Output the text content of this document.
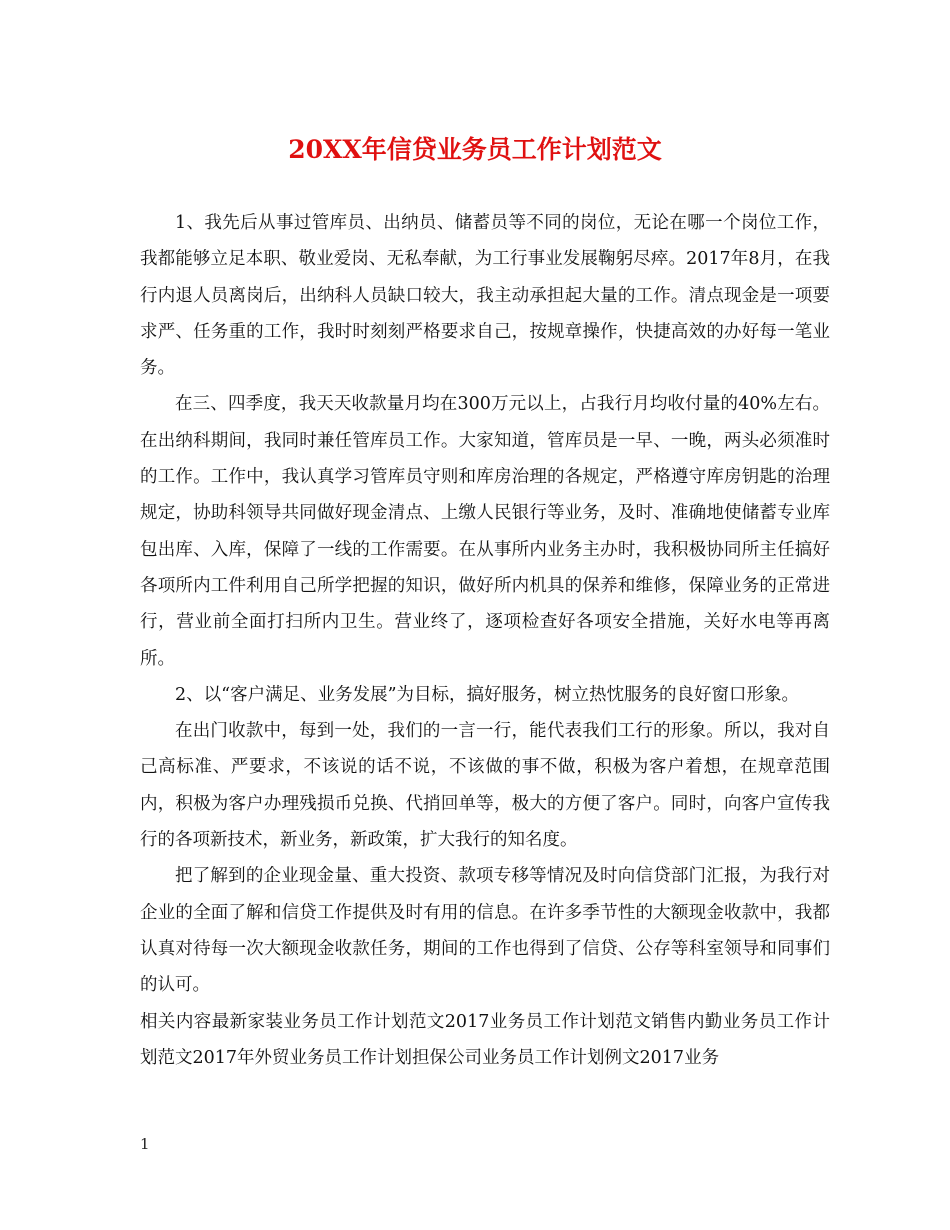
20XX年信贷业务员工作计划范文

1、我先后从事过管库员、出纳员、储蓄员等不同的岗位，无论在哪一个岗位工作，我都能够立足本职、敬业爱岗、无私奉献，为工行事业发展鞠躬尽瘁。2017年8月，在我行内退人员离岗后，出纳科人员缺口较大，我主动承担起大量的工作。清点现金是一项要求严、任务重的工作，我时时刻刻严格要求自己，按规章操作，快捷高效的办好每一笔业务。

在三、四季度，我天天收款量月均在300万元以上，占我行月均收付量的40%左右。在出纳科期间，我同时兼任管库员工作。大家知道，管库员是一早、一晚，两头必须准时的工作。工作中，我认真学习管库员守则和库房治理的各规定，严格遵守库房钥匙的治理规定，协助科领导共同做好现金清点、上缴人民银行等业务，及时、准确地使储蓄专业库包出库、入库，保障了一线的工作需要。在从事所内业务主办时，我积极协同所主任搞好各项所内工件利用自己所学把握的知识，做好所内机具的保养和维修，保障业务的正常进行，营业前全面打扫所内卫生。营业终了，逐项检查好各项安全措施，关好水电等再离所。

2、以“客户满足、业务发展”为目标，搞好服务，树立热忱服务的良好窗口形象。

在出门收款中，每到一处，我们的一言一行，能代表我们工行的形象。所以，我对自己高标准、严要求，不该说的话不说，不该做的事不做，积极为客户着想，在规章范围内，积极为客户办理残损币兑换、代捎回单等，极大的方便了客户。同时，向客户宣传我行的各项新技术，新业务，新政策，扩大我行的知名度。

把了解到的企业现金量、重大投资、款项专移等情况及时向信贷部门汇报，为我行对企业的全面了解和信贷工作提供及时有用的信息。在许多季节性的大额现金收款中，我都认真对待每一次大额现金收款任务，期间的工作也得到了信贷、公存等科室领导和同事们的认可。

相关内容最新家装业务员工作计划范文2017业务员工作计划范文销售内勤业务员工作计划范文2017年外贸业务员工作计划担保公司业务员工作计划例文2017业务

1
